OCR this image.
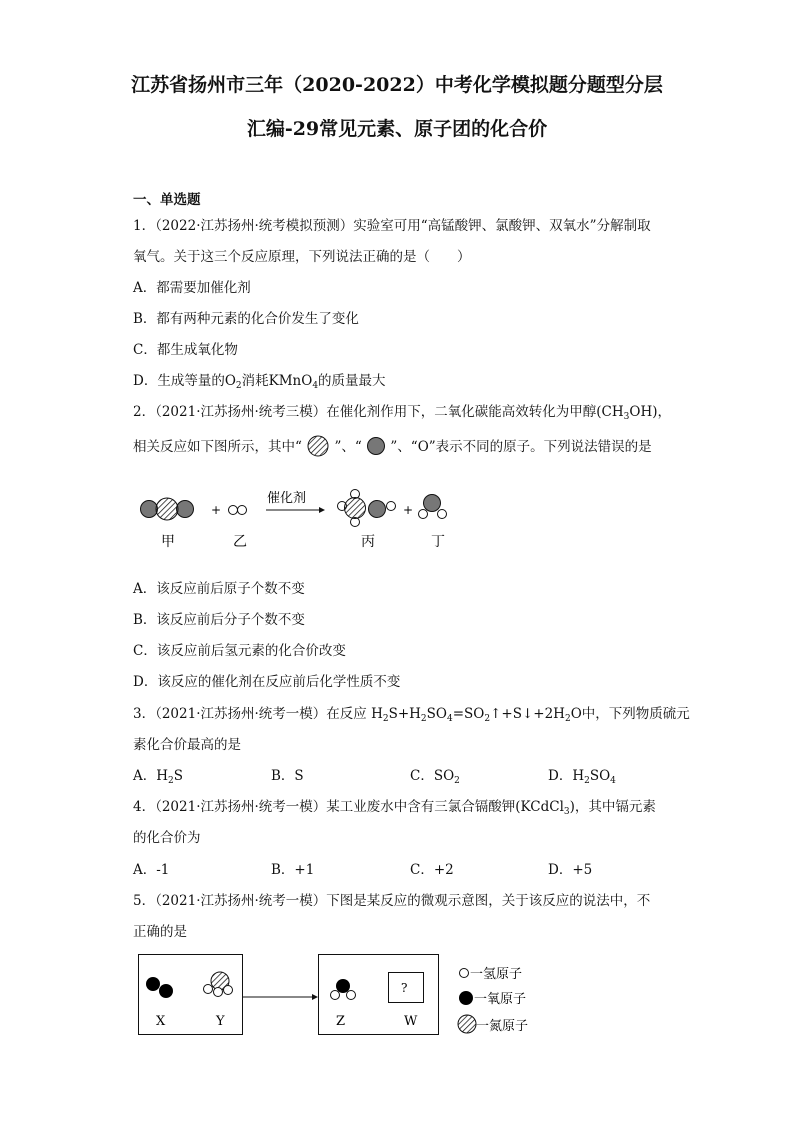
江苏省扬州市三年（2020-2022）中考化学模拟题分题型分层
汇编-29常见元素、原子团的化合价
一、单选题
1．（2022·江苏扬州·统考模拟预测）实验室可用“高锰酸钾、氯酸钾、双氧水”分解制取
氧气。关于这三个反应原理，下列说法正确的是（　　）
A．都需要加催化剂
B．都有两种元素的化合价发生了变化
C．都生成氧化物
D．生成等量的$O_2$消耗KMnO$_4$的质量最大
2．（2021·江苏扬州·统考三模）在催化剂作用下，二氧化碳能高效转化为甲醇$(CH_3OH)$，
相关反应如下图所示，其中“ ”、“ ”、“O”表示不同的原子。下列说法错误的是
+
催化剂
+
甲	乙	丙	丁
A．该反应前后原子个数不变
B．该反应前后分子个数不变
C．该反应前后氢元素的化合价改变
D．该反应的催化剂在反应前后化学性质不变
3．（2021·江苏扬州·统考一模）在反应 $H_2S+H_2SO_4=SO_2↑+S↓+2H_2O$中，下列物质硫元
素化合价最高的是
A．$H_2S$	B．S	C．$SO_2$	D．$H_2SO_4$
4．（2021·江苏扬州·统考一模）某工业废水中含有三氯合镉酸钾(KCdCl$_3$)，其中镉元素
的化合价为
A．-1	B．+1	C．+2	D．+5
5．（2021·江苏扬州·统考一模）下图是某反应的微观示意图，关于该反应的说法中，不
正确的是
X	Y
?
Z	W
一氢原子
一氧原子
一氮原子
